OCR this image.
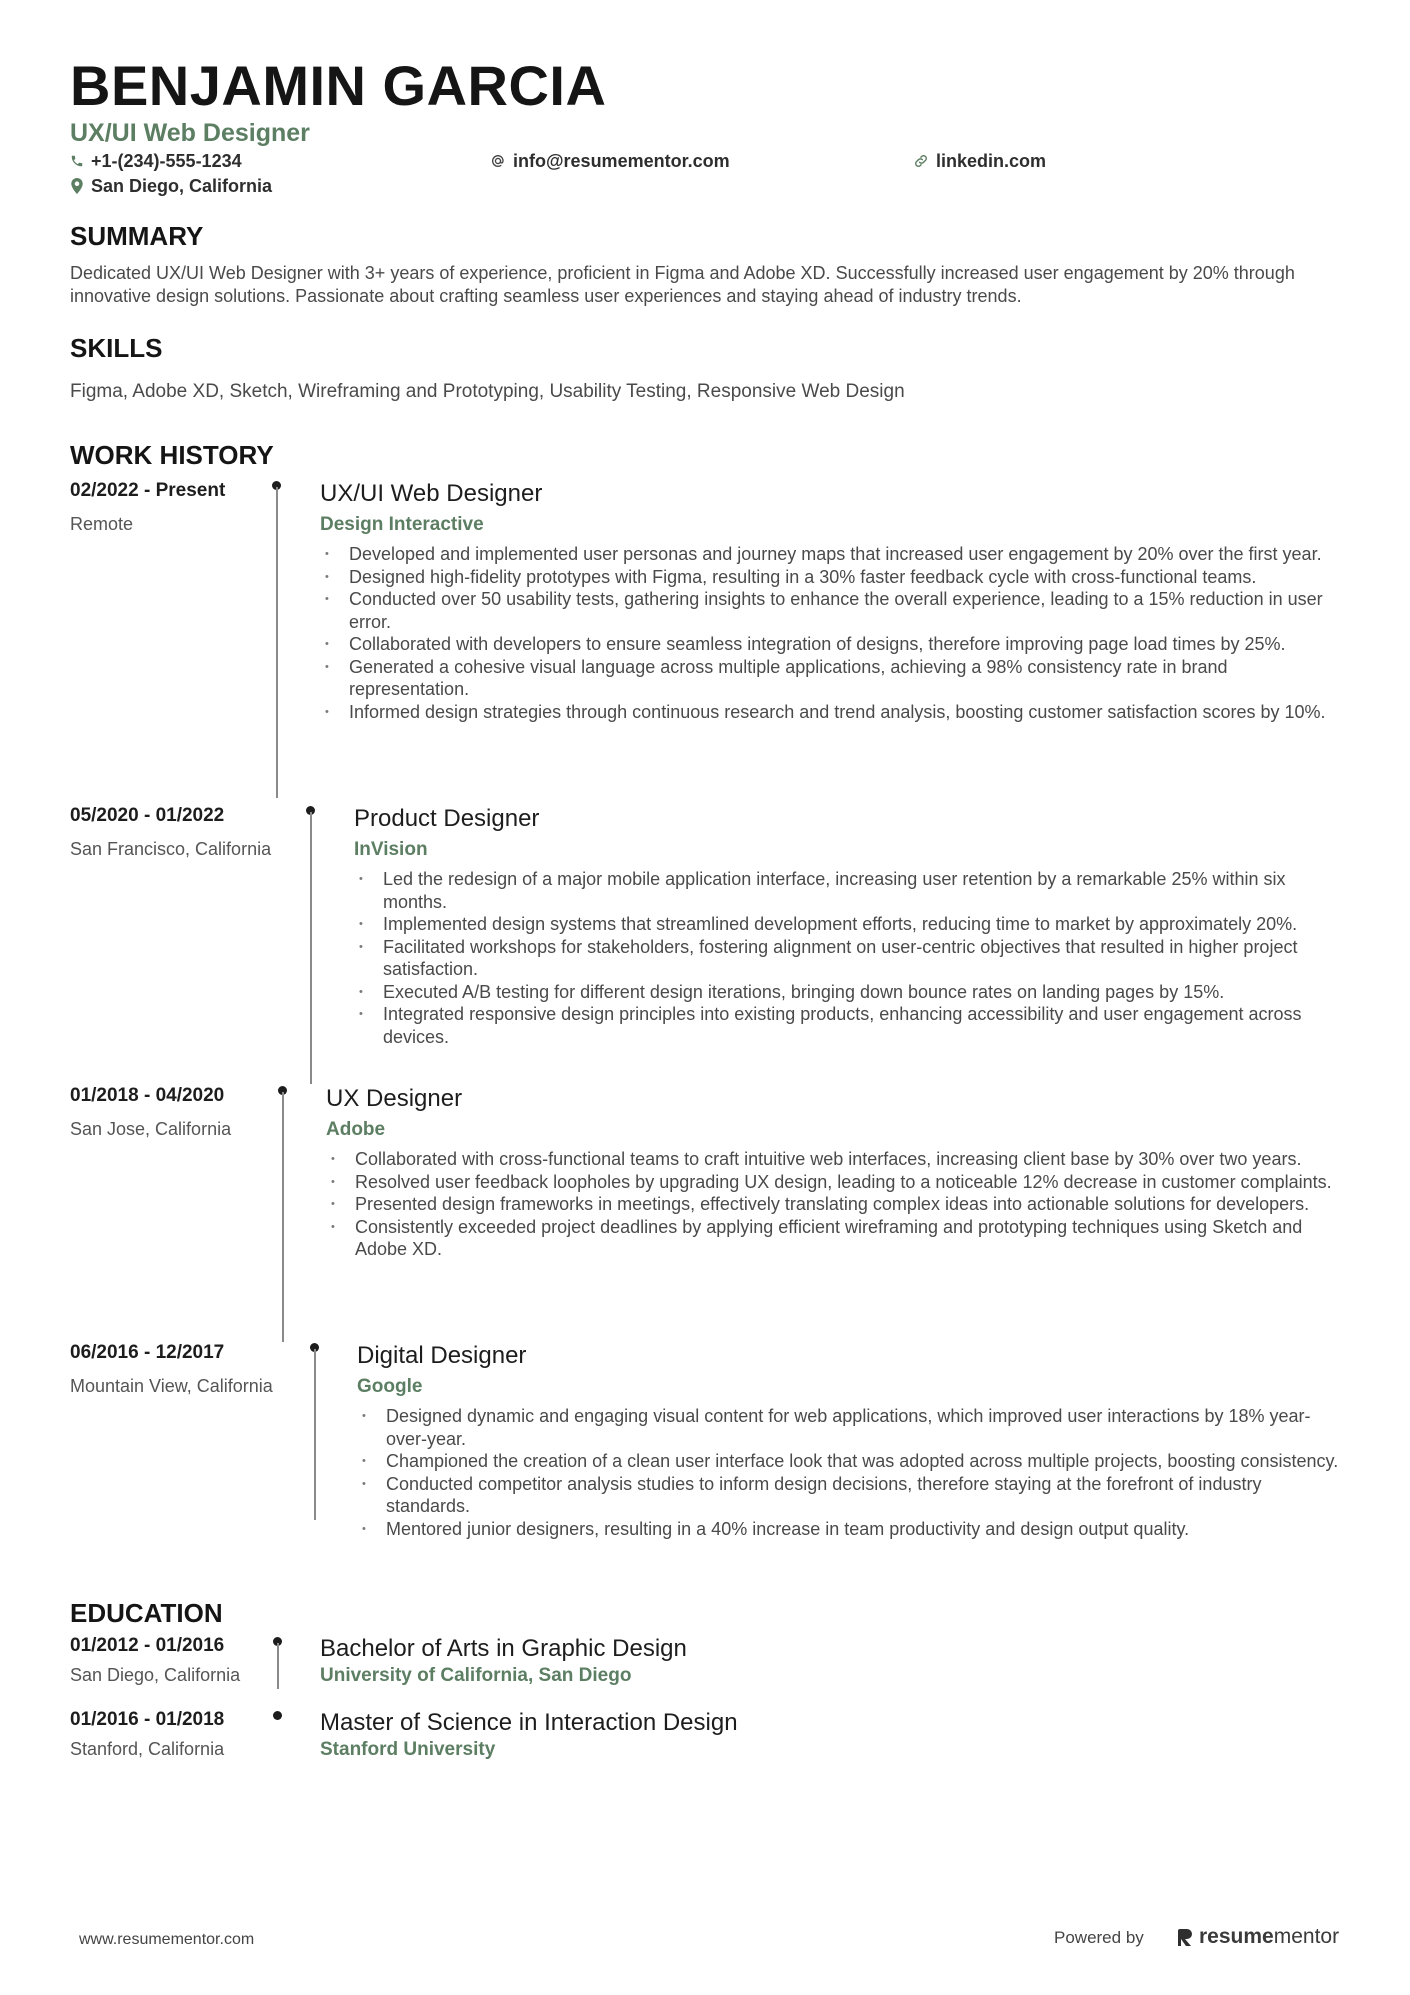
BENJAMIN GARCIA
UX/UI Web Designer
+1-(234)-555-1234	info@resumementor.com	linkedin.com
San Diego, California
SUMMARY
Dedicated UX/UI Web Designer with 3+ years of experience, proficient in Figma and Adobe XD. Successfully increased user engagement by 20% through innovative design solutions. Passionate about crafting seamless user experiences and staying ahead of industry trends.
SKILLS
Figma, Adobe XD, Sketch, Wireframing and Prototyping, Usability Testing, Responsive Web Design
WORK HISTORY
02/2022 - Present
Remote
UX/UI Web Designer
Design Interactive
• Developed and implemented user personas and journey maps that increased user engagement by 20% over the first year.
• Designed high-fidelity prototypes with Figma, resulting in a 30% faster feedback cycle with cross-functional teams.
• Conducted over 50 usability tests, gathering insights to enhance the overall experience, leading to a 15% reduction in user error.
• Collaborated with developers to ensure seamless integration of designs, therefore improving page load times by 25%.
• Generated a cohesive visual language across multiple applications, achieving a 98% consistency rate in brand representation.
• Informed design strategies through continuous research and trend analysis, boosting customer satisfaction scores by 10%.
05/2020 - 01/2022
San Francisco, California
Product Designer
InVision
• Led the redesign of a major mobile application interface, increasing user retention by a remarkable 25% within six months.
• Implemented design systems that streamlined development efforts, reducing time to market by approximately 20%.
• Facilitated workshops for stakeholders, fostering alignment on user-centric objectives that resulted in higher project satisfaction.
• Executed A/B testing for different design iterations, bringing down bounce rates on landing pages by 15%.
• Integrated responsive design principles into existing products, enhancing accessibility and user engagement across devices.
01/2018 - 04/2020
San Jose, California
UX Designer
Adobe
• Collaborated with cross-functional teams to craft intuitive web interfaces, increasing client base by 30% over two years.
• Resolved user feedback loopholes by upgrading UX design, leading to a noticeable 12% decrease in customer complaints.
• Presented design frameworks in meetings, effectively translating complex ideas into actionable solutions for developers.
• Consistently exceeded project deadlines by applying efficient wireframing and prototyping techniques using Sketch and Adobe XD.
06/2016 - 12/2017
Mountain View, California
Digital Designer
Google
• Designed dynamic and engaging visual content for web applications, which improved user interactions by 18% year-over-year.
• Championed the creation of a clean user interface look that was adopted across multiple projects, boosting consistency.
• Conducted competitor analysis studies to inform design decisions, therefore staying at the forefront of industry standards.
• Mentored junior designers, resulting in a 40% increase in team productivity and design output quality.
EDUCATION
01/2012 - 01/2016
San Diego, California
Bachelor of Arts in Graphic Design
University of California, San Diego
01/2016 - 01/2018
Stanford, California
Master of Science in Interaction Design
Stanford University
www.resumementor.com	Powered by	resume mentor
